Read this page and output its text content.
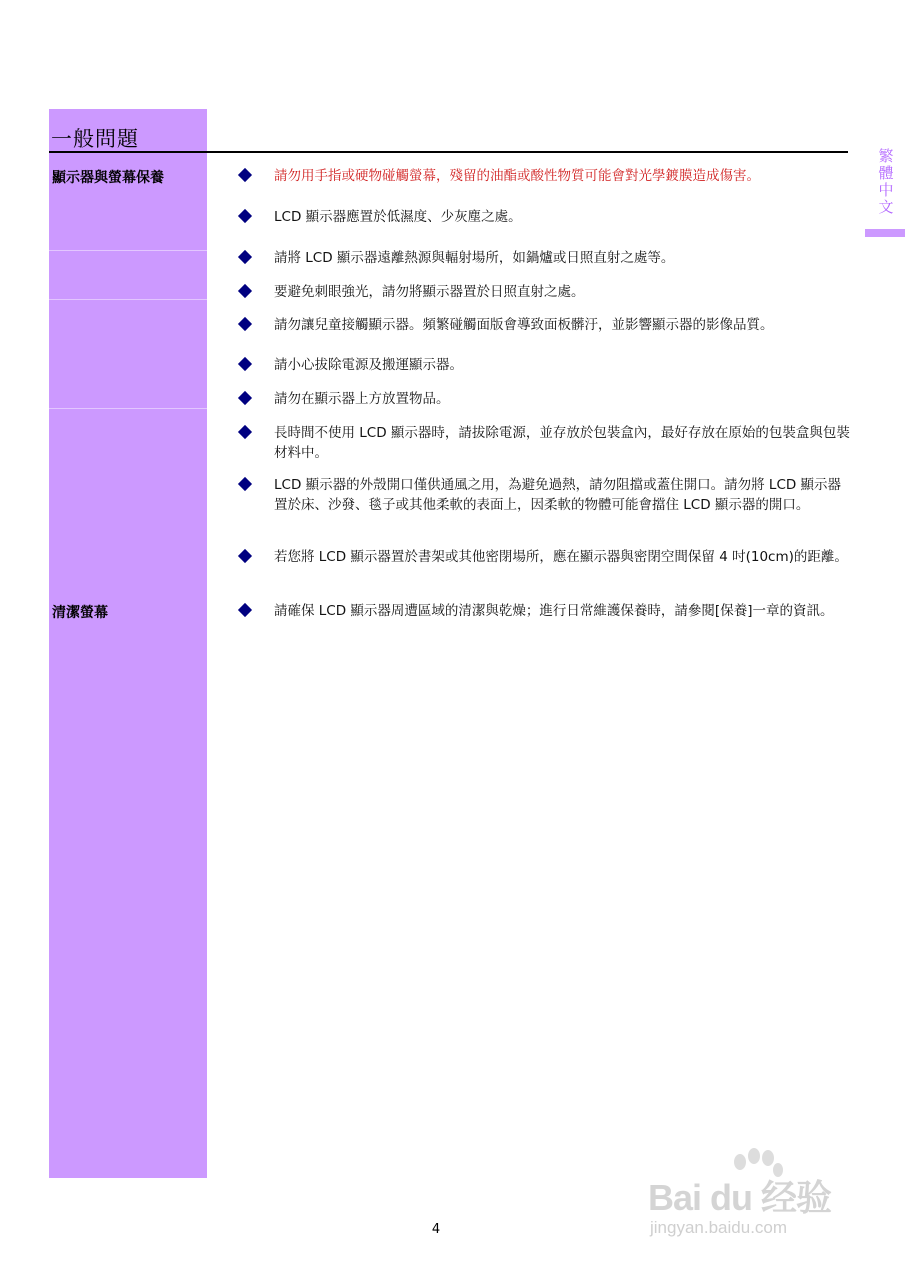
一般問題
顯示器與螢幕保養
清潔螢幕
請勿用手指或硬物碰觸螢幕，殘留的油酯或酸性物質可能會對光學鍍膜造成傷害。
LCD 顯示器應置於低濕度、少灰塵之處。
請將 LCD 顯示器遠離熱源與輻射場所，如鍋爐或日照直射之處等。
要避免刺眼強光，請勿將顯示器置於日照直射之處。
請勿讓兒童接觸顯示器。頻繁碰觸面版會導致面板髒汙，並影響顯示器的影像品質。
請小心拔除電源及搬運顯示器。
請勿在顯示器上方放置物品。
長時間不使用 LCD 顯示器時，請拔除電源，並存放於包裝盒內，最好存放在原始的包裝盒與包裝材料中。
LCD 顯示器的外殼開口僅供通風之用，為避免過熱，請勿阻擋或蓋住開口。請勿將 LCD 顯示器置於床、沙發、毯子或其他柔軟的表面上，因柔軟的物體可能會擋住 LCD 顯示器的開口。
若您將 LCD 顯示器置於書架或其他密閉場所，應在顯示器與密閉空間保留 4 吋(10cm)的距離。
請確保 LCD 顯示器周遭區域的清潔與乾燥；進行日常維護保養時，請參閱[保養]一章的資訊。
繁
體
中
文
4
Bai du 经验
jingyan.baidu.com
